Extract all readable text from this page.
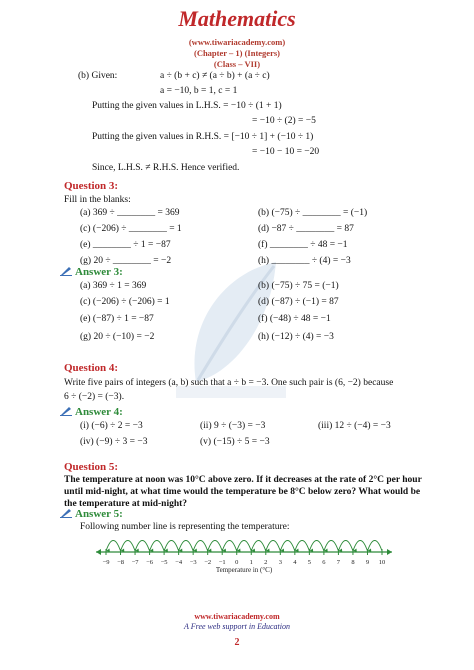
Mathematics
(www.tiwariacademy.com)
(Chapter – 1) (Integers)
(Class – VII)
(b) Given:	a ÷ (b + c) ≠ (a ÷ b) + (a ÷ c)
a = −10, b = 1, c = 1
Putting the given values in L.H.S. = −10 ÷ (1 + 1)
= −10 ÷ (2) = −5
Putting the given values in R.H.S. = [−10 ÷ 1] + (−10 ÷ 1)
= −10 − 10 = −20
Since, L.H.S. ≠ R.H.S. Hence verified.
Question 3:
Fill in the blanks:
(a) 369 ÷ ________ = 369	(b) (−75) ÷ ________ = (−1)
(c) (−206) ÷ ________ = 1	(d) −87 ÷ ________ = 87
(e) ________ ÷ 1 = −87	(f) ________ ÷ 48 = −1
(g) 20 ÷ ________ = −2	(h) ________ ÷ (4) = −3
Answer 3:
(a) 369 ÷ 1 = 369	(b) (−75) ÷ 75 = (−1)
(c) (−206) ÷ (−206) = 1	(d) (−87) ÷ (−1) = 87
(e) (−87) ÷ 1 = −87	(f) (−48) ÷ 48 = −1
(g) 20 ÷ (−10) = −2	(h) (−12) ÷ (4) = −3
Question 4:
Write five pairs of integers (a, b) such that a ÷ b = −3. One such pair is (6, −2) because
6 ÷ (−2) = (−3).
Answer 4:
(i) (−6) ÷ 2 = −3	(ii) 9 ÷ (−3) = −3	(iii) 12 ÷ (−4) = −3
(iv) (−9) ÷ 3 = −3	(v) (−15) ÷ 5 = −3
Question 5:
The temperature at noon was 10°C above zero. If it decreases at the rate of 2°C per hour
until mid-night, at what time would the temperature be 8°C below zero? What would be
the temperature at mid-night?
Answer 5:
Following number line is representing the temperature:
−9 −8 −7 −6 −5 −4 −3 −2 −1 0 1 2 3 4 5 6 7 8 9 10
Temperature in (°C)
www.tiwariacademy.com
A Free web support in Education
2
